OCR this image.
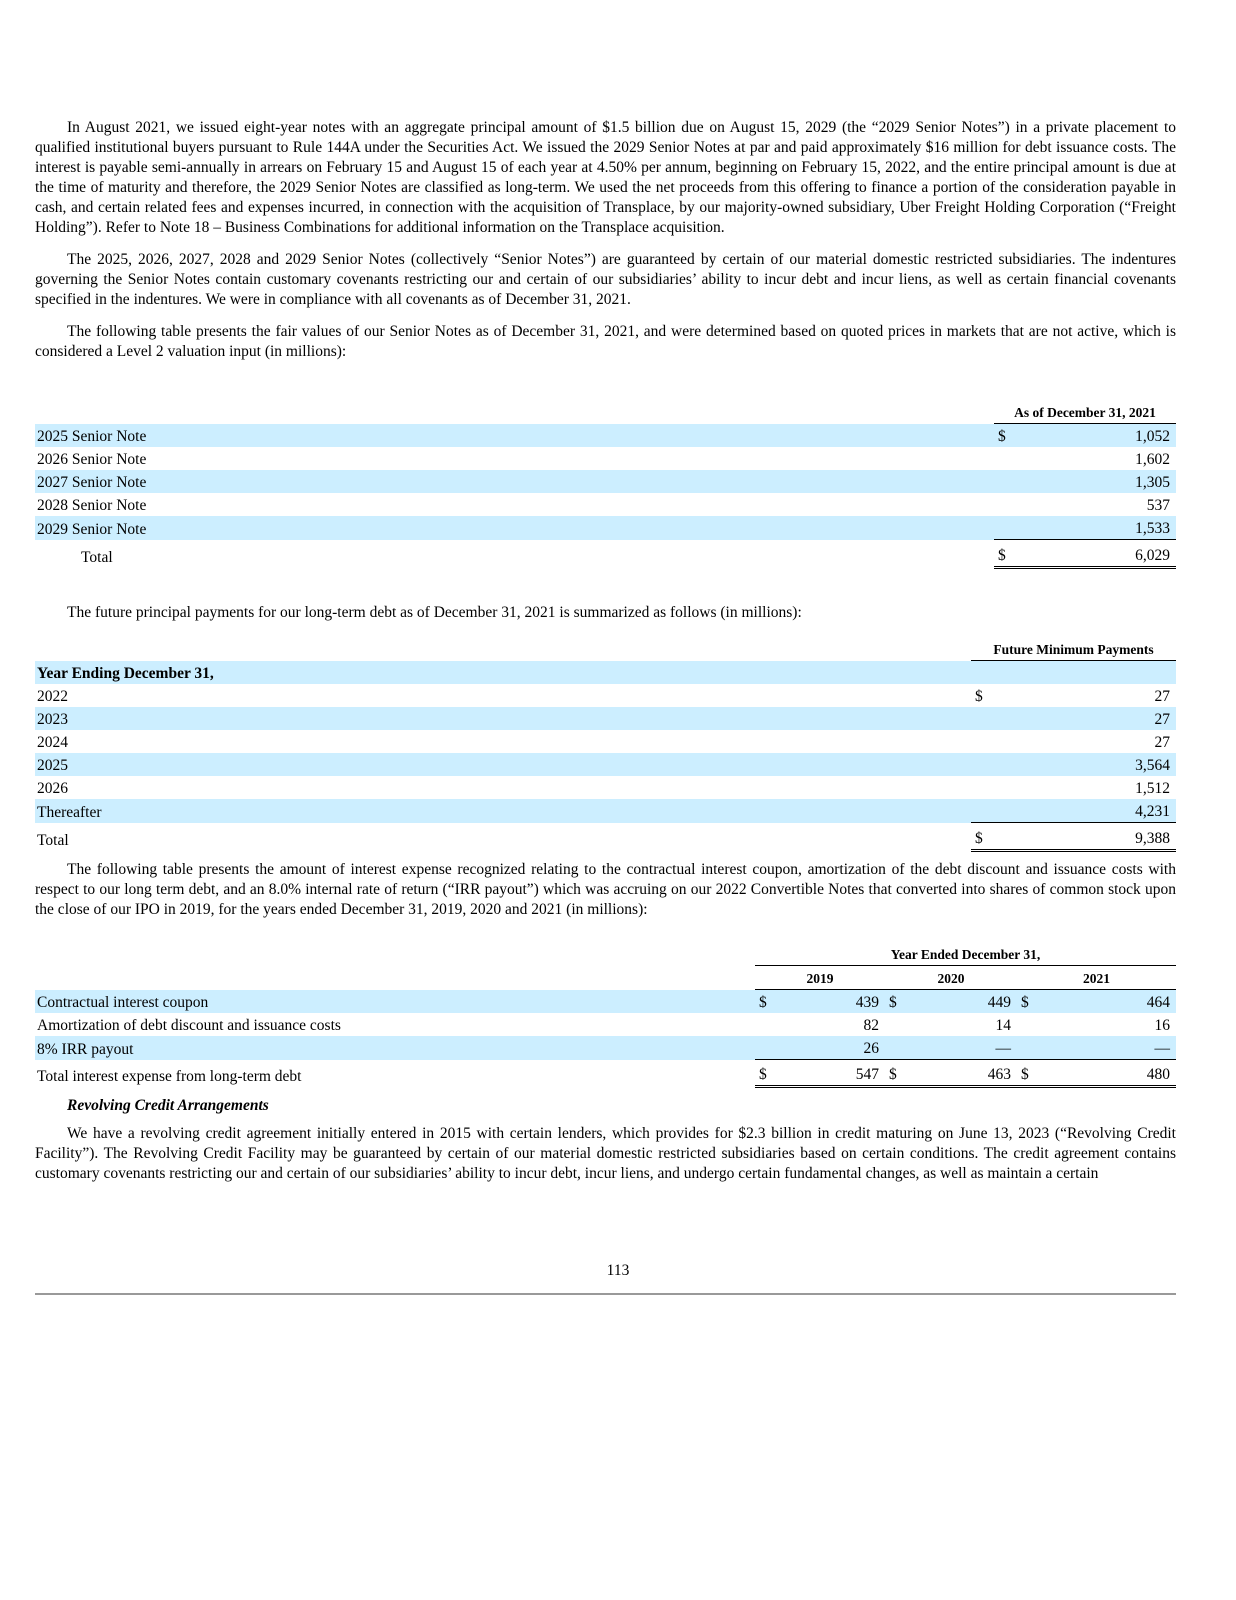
In August 2021, we issued eight-year notes with an aggregate principal amount of $1.5 billion due on August 15, 2029 (the “2029 Senior Notes”) in a private placement to qualified institutional buyers pursuant to Rule 144A under the Securities Act. We issued the 2029 Senior Notes at par and paid approximately $16 million for debt issuance costs. The interest is payable semi-annually in arrears on February 15 and August 15 of each year at 4.50% per annum, beginning on February 15, 2022, and the entire principal amount is due at the time of maturity and therefore, the 2029 Senior Notes are classified as long-term. We used the net proceeds from this offering to finance a portion of the consideration payable in cash, and certain related fees and expenses incurred, in connection with the acquisition of Transplace, by our majority-owned subsidiary, Uber Freight Holding Corporation (“Freight Holding”). Refer to Note 18 – Business Combinations for additional information on the Transplace acquisition.

The 2025, 2026, 2027, 2028 and 2029 Senior Notes (collectively “Senior Notes”) are guaranteed by certain of our material domestic restricted subsidiaries. The indentures governing the Senior Notes contain customary covenants restricting our and certain of our subsidiaries’ ability to incur debt and incur liens, as well as certain financial covenants specified in the indentures. We were in compliance with all covenants as of December 31, 2021.

The following table presents the fair values of our Senior Notes as of December 31, 2021, and were determined based on quoted prices in markets that are not active, which is considered a Level 2 valuation input (in millions):

	As of December 31, 2021	
2025 Senior Note	$	1,052
2026 Senior Note		1,602
2027 Senior Note		1,305
2028 Senior Note		537
2029 Senior Note		1,533
Total	$	6,029

The future principal payments for our long-term debt as of December 31, 2021 is summarized as follows (in millions):

	Future Minimum Payments	
Year Ending December 31,		
2022	$	27
2023		27
2024		27
2025		3,564
2026		1,512
Thereafter		4,231
Total	$	9,388

The following table presents the amount of interest expense recognized relating to the contractual interest coupon, amortization of the debt discount and issuance costs with respect to our long term debt, and an 8.0% internal rate of return (“IRR payout”) which was accruing on our 2022 Convertible Notes that converted into shares of common stock upon the close of our IPO in 2019, for the years ended December 31, 2019, 2020 and 2021 (in millions):

	Year Ended December 31,					
	2019		2020		2021	
Contractual interest coupon	$	439	$	449	$	464
Amortization of debt discount and issuance costs		82		14		16
8% IRR payout		26		—		—
Total interest expense from long-term debt	$	547	$	463	$	480

Revolving Credit Arrangements

We have a revolving credit agreement initially entered in 2015 with certain lenders, which provides for $2.3 billion in credit maturing on June 13, 2023 (“Revolving Credit Facility”). The Revolving Credit Facility may be guaranteed by certain of our material domestic restricted subsidiaries based on certain conditions. The credit agreement contains customary covenants restricting our and certain of our subsidiaries’ ability to incur debt, incur liens, and undergo certain fundamental changes, as well as maintain a certain

113
